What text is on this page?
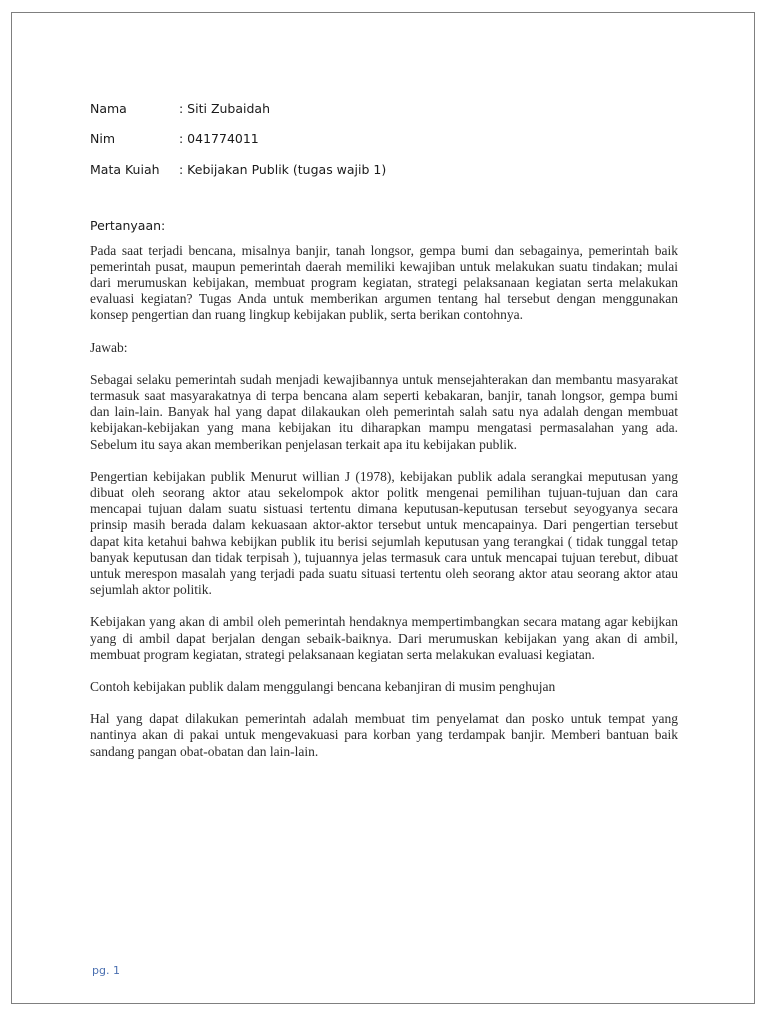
Nama	: Siti Zubaidah
Nim	: 041774011
Mata Kuiah	: Kebijakan Publik (tugas wajib 1)
Pertanyaan:

Pada saat terjadi bencana, misalnya banjir, tanah longsor, gempa bumi dan sebagainya, pemerintah baik pemerintah pusat, maupun pemerintah daerah memiliki kewajiban untuk melakukan suatu tindakan; mulai dari merumuskan kebijakan, membuat program kegiatan, strategi pelaksanaan kegiatan serta melakukan evaluasi kegiatan? Tugas Anda untuk memberikan argumen tentang hal tersebut dengan menggunakan konsep pengertian dan ruang lingkup kebijakan publik, serta berikan contohnya.

Jawab:

Sebagai selaku pemerintah sudah menjadi kewajibannya untuk mensejahterakan dan membantu masyarakat termasuk saat masyarakatnya di terpa bencana alam seperti kebakaran, banjir, tanah longsor, gempa bumi dan lain-lain. Banyak hal yang dapat dilakaukan oleh pemerintah salah satu nya adalah dengan membuat kebijakan-kebijakan yang mana kebijakan itu diharapkan mampu mengatasi permasalahan yang ada. Sebelum itu saya akan memberikan penjelasan terkait apa itu kebijakan publik.

Pengertian kebijakan publik Menurut willian J (1978), kebijakan publik adala serangkai meputusan yang dibuat oleh seorang aktor atau sekelompok aktor politk mengenai pemilihan tujuan-tujuan dan cara mencapai tujuan dalam suatu sistuasi tertentu dimana keputusan-keputusan tersebut seyogyanya secara prinsip masih berada dalam kekuasaan aktor-aktor tersebut untuk mencapainya. Dari pengertian tersebut dapat kita ketahui bahwa kebijkan publik itu berisi sejumlah keputusan yang terangkai ( tidak tunggal tetap banyak keputusan dan tidak terpisah ), tujuannya jelas termasuk cara untuk mencapai tujuan terebut, dibuat untuk merespon masalah yang terjadi pada suatu situasi tertentu oleh seorang aktor atau seorang aktor atau sejumlah aktor politik.

Kebijakan yang akan di ambil oleh pemerintah hendaknya mempertimbangkan secara matang agar kebijkan yang di ambil dapat berjalan dengan sebaik-baiknya. Dari merumuskan kebijakan yang akan di ambil, membuat program kegiatan, strategi pelaksanaan kegiatan serta melakukan evaluasi kegiatan.

Contoh kebijakan publik dalam menggulangi bencana kebanjiran di musim penghujan

Hal yang dapat dilakukan pemerintah adalah membuat tim penyelamat dan posko untuk tempat yang nantinya akan di pakai untuk mengevakuasi para korban yang terdampak banjir. Memberi bantuan baik sandang pangan obat-obatan dan lain-lain.

pg. 1
